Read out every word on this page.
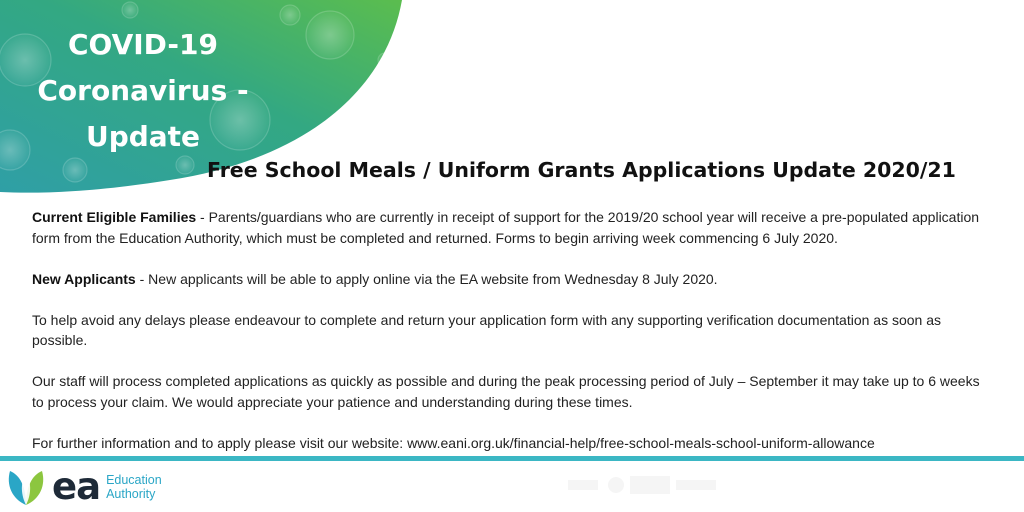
COVID-19
Coronavirus -
Update
Free School Meals / Uniform Grants Applications Update 2020/21

Current Eligible Families - Parents/guardians who are currently in receipt of support for the 2019/20 school year will receive a pre-populated application form from the Education Authority, which must be completed and returned. Forms to begin arriving week commencing 6 July 2020.

New Applicants - New applicants will be able to apply online via the EA website from Wednesday 8 July 2020.

To help avoid any delays please endeavour to complete and return your application form with any supporting verification documentation as soon as possible.

Our staff will process completed applications as quickly as possible and during the peak processing period of July – September it may take up to 6 weeks to process your claim. We would appreciate your patience and understanding during these times.

For further information and to apply please visit our website: www.eani.org.uk/financial-help/free-school-meals-school-uniform-allowance

ea Education
Authority
